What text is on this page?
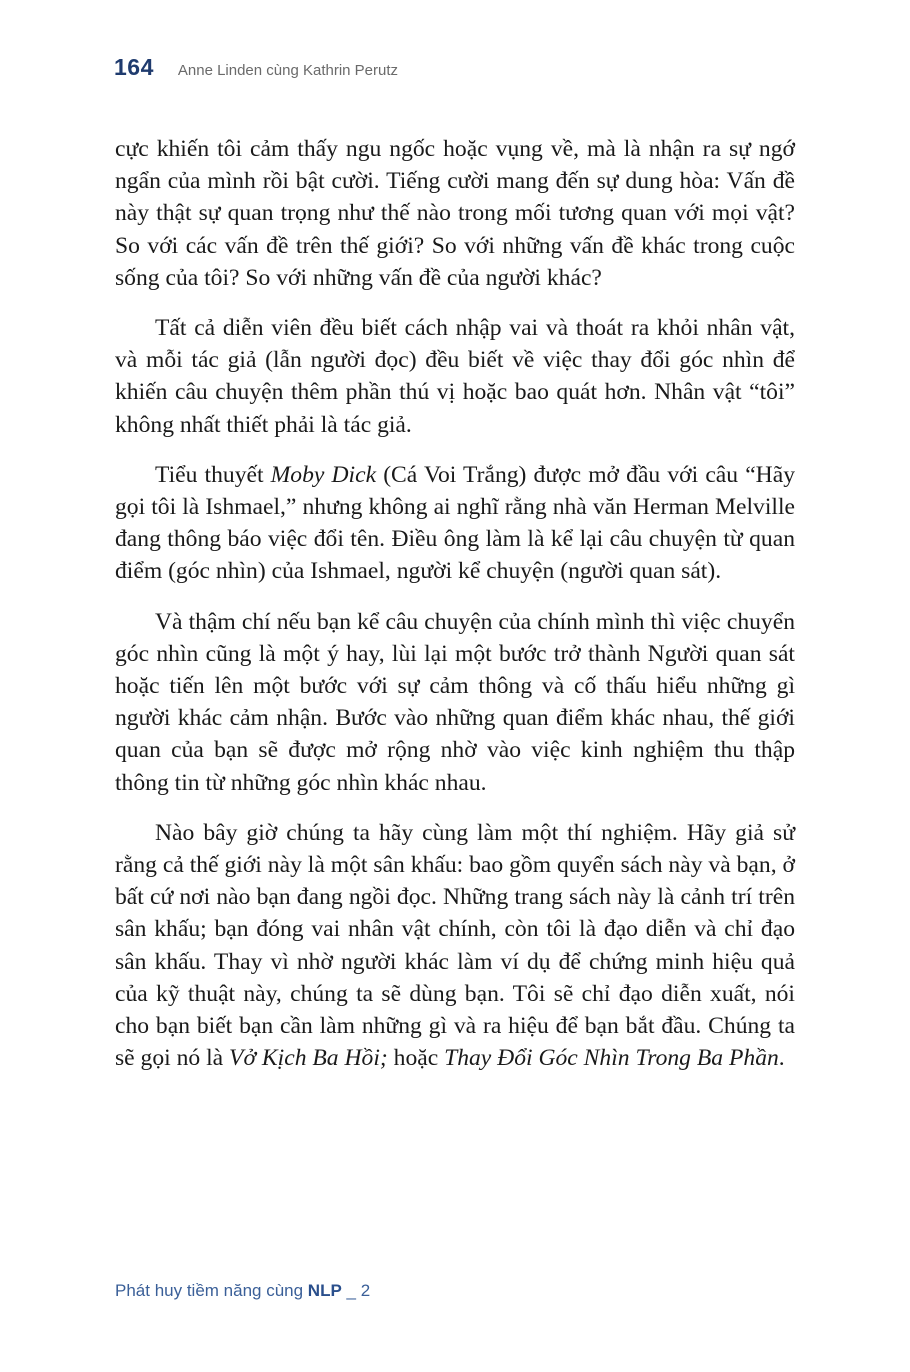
164 Anne Linden cùng Kathrin Perutz

cực khiến tôi cảm thấy ngu ngốc hoặc vụng về, mà là nhận ra sự ngớ ngẩn của mình rồi bật cười. Tiếng cười mang đến sự dung hòa: Vấn đề này thật sự quan trọng như thế nào trong mối tương quan với mọi vật? So với các vấn đề trên thế giới? So với những vấn đề khác trong cuộc sống của tôi? So với những vấn đề của người khác?

Tất cả diễn viên đều biết cách nhập vai và thoát ra khỏi nhân vật, và mỗi tác giả (lẫn người đọc) đều biết về việc thay đổi góc nhìn để khiến câu chuyện thêm phần thú vị hoặc bao quát hơn. Nhân vật “tôi” không nhất thiết phải là tác giả.

Tiểu thuyết Moby Dick (Cá Voi Trắng) được mở đầu với câu “Hãy gọi tôi là Ishmael,” nhưng không ai nghĩ rằng nhà văn Herman Melville đang thông báo việc đổi tên. Điều ông làm là kể lại câu chuyện từ quan điểm (góc nhìn) của Ishmael, người kể chuyện (người quan sát).

Và thậm chí nếu bạn kể câu chuyện của chính mình thì việc chuyển góc nhìn cũng là một ý hay, lùi lại một bước trở thành Người quan sát hoặc tiến lên một bước với sự cảm thông và cố thấu hiểu những gì người khác cảm nhận. Bước vào những quan điểm khác nhau, thế giới quan của bạn sẽ được mở rộng nhờ vào việc kinh nghiệm thu thập thông tin từ những góc nhìn khác nhau.

Nào bây giờ chúng ta hãy cùng làm một thí nghiệm. Hãy giả sử rằng cả thế giới này là một sân khấu: bao gồm quyển sách này và bạn, ở bất cứ nơi nào bạn đang ngồi đọc. Những trang sách này là cảnh trí trên sân khấu; bạn đóng vai nhân vật chính, còn tôi là đạo diễn và chỉ đạo sân khấu. Thay vì nhờ người khác làm ví dụ để chứng minh hiệu quả của kỹ thuật này, chúng ta sẽ dùng bạn. Tôi sẽ chỉ đạo diễn xuất, nói cho bạn biết bạn cần làm những gì và ra hiệu để bạn bắt đầu. Chúng ta sẽ gọi nó là Vở Kịch Ba Hồi; hoặc Thay Đổi Góc Nhìn Trong Ba Phần.

Phát huy tiềm năng cùng NLP _ 2
